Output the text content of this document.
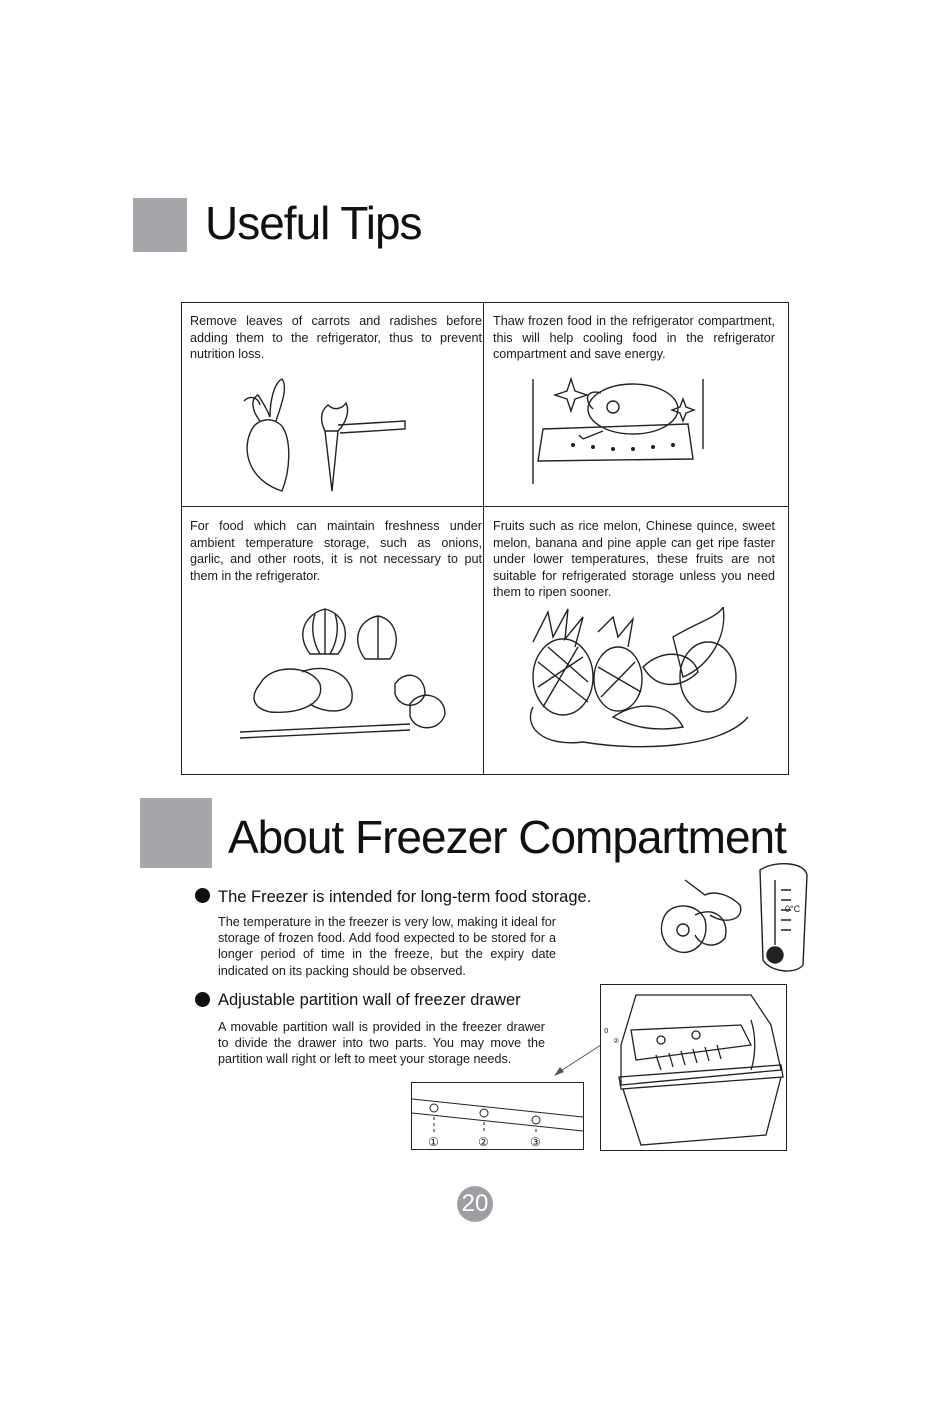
Useful Tips
Remove leaves of carrots and radishes before adding them to the refrigerator, thus to prevent nutrition loss.
Thaw frozen food in the refrigerator compartment, this will help cooling food in the refrigerator compartment and save energy.
For food which can maintain freshness under ambient temperature storage, such as onions, garlic, and other roots, it is not necessary to put them in the refrigerator.
Fruits such as rice melon, Chinese quince, sweet melon, banana and pine apple can get ripe faster under lower temperatures, these fruits are not suitable for refrigerated storage unless you need them to ripen sooner.
About Freezer Compartment
The Freezer is intended for long-term food storage.
The temperature in the freezer is very low, making it ideal for storage of frozen food. Add food expected to be stored for a longer period of time in the freeze, but the expiry date indicated on its packing should be observed.
0°C
Adjustable partition wall of freezer drawer
A movable partition wall is provided in the freezer drawer to divide the drawer into two parts. You may move the partition wall right or left to meet your storage needs.
①	②	③
0
②
20
